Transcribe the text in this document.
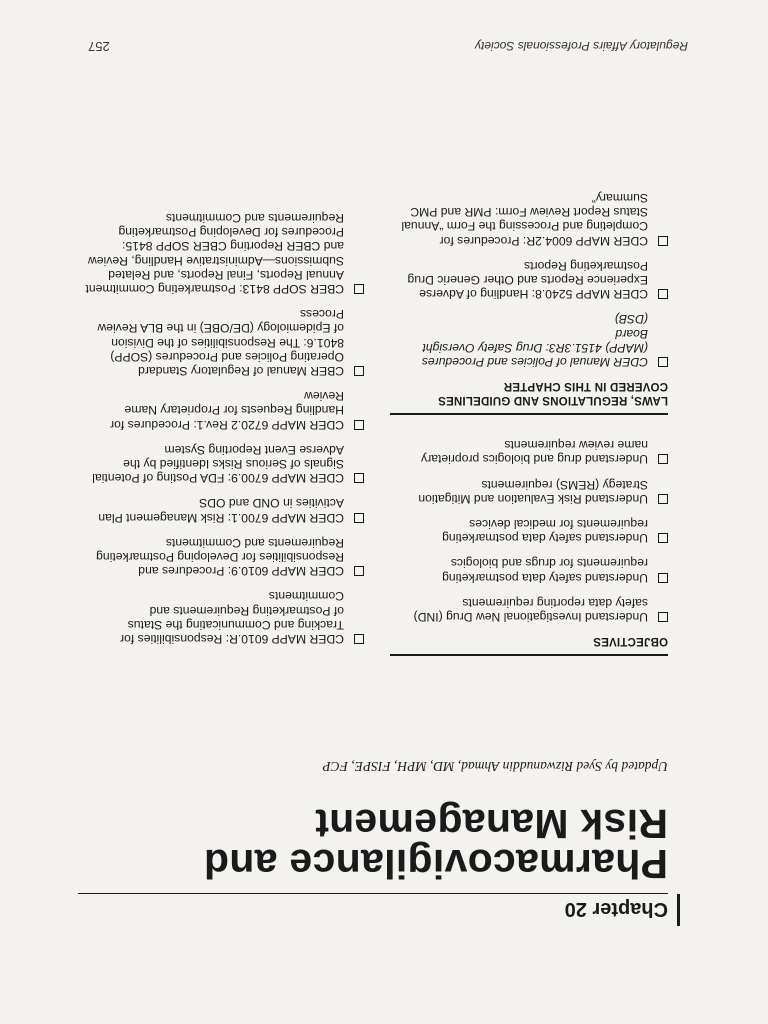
Regulatory Affairs Professionals Society
257
Chapter 20
Pharmacovigilance and
Risk Management
Updated by Syed Rizwanuddin Ahmad, MD, MPH, FISPE, FCP
OBJECTIVES
Understand Investigational New Drug (IND)
safety data reporting requirements
Understand safety data postmarketing
requirements for drugs and biologics
Understand safety data postmarketing
requirements for medical devices
Understand Risk Evaluation and Mitigation
Strategy (REMS) requirements
Understand drug and biologics proprietary
name review requirements
LAWS, REGULATIONS AND GUIDELINES
COVERED IN THIS CHAPTER
CDER Manual of Policies and Procedures
(MAPP) 4151.3R3: Drug Safety Oversight Board
(DSB)
CDER MAPP 5240.8: Handling of Adverse
Experience Reports and Other Generic Drug
Postmarketing Reports
CDER MAPP 6004.2R: Procedures for
Completing and Processing the Form “Annual
Status Report Review Form: PMR and PMC
Summary”
CDER MAPP 6010.R: Responsibilities for
Tracking and Communicating the Status
of Postmarketing Requirements and
Commitments
CDER MAPP 6010.9: Procedures and
Responsibilities for Developing Postmarketing
Requirements and Commitments
CDER MAPP 6700.1: Risk Management Plan
Activities in OND and ODS
CDER MAPP 6700.9: FDA Posting of Potential
Signals of Serious Risks Identified by the
Adverse Event Reporting System
CDER MAPP 6720.2 Rev.1: Procedures for
Handling Requests for Proprietary Name
Review
CBER Manual of Regulatory Standard
Operating Policies and Procedures (SOPP)
8401.6: The Responsibilities of the Division
of Epidemiology (DE/OBE) in the BLA Review
Process
CBER SOPP 8413: Postmarketing Commitment
Annual Reports, Final Reports, and Related
Submissions—Administrative Handling, Review
and CBER Reporting CBER SOPP 8415:
Procedures for Developing Postmarketing
Requirements and Commitments
